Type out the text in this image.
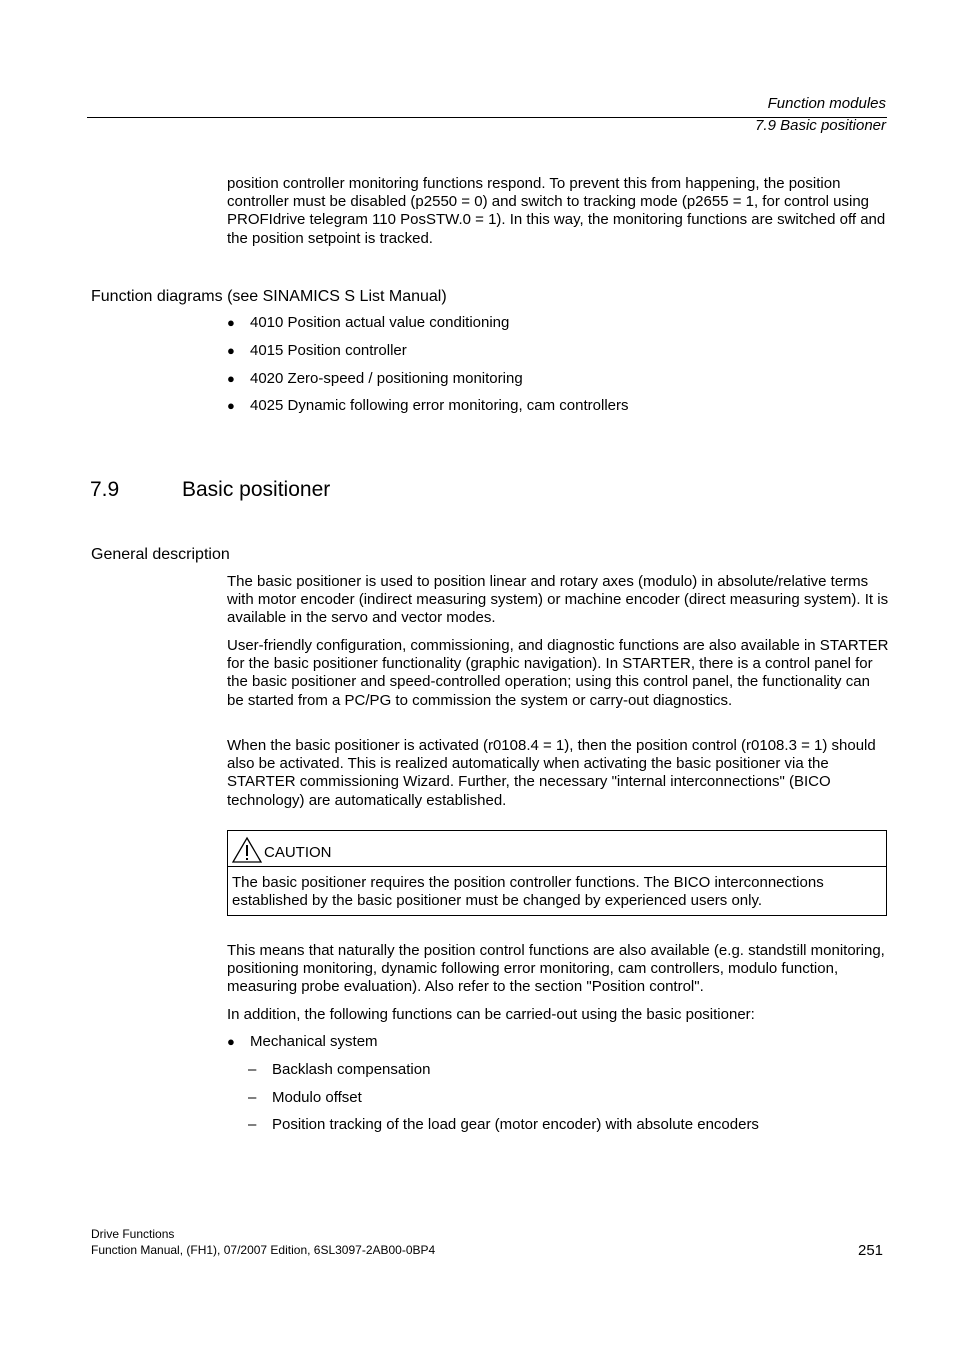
Function modules
7.9 Basic positioner
position controller monitoring functions respond. To prevent this from happening, the position controller must be disabled (p2550 = 0) and switch to tracking mode (p2655 = 1, for control using PROFIdrive telegram 110 PosSTW.0 = 1). In this way, the monitoring functions are switched off and the position setpoint is tracked.
Function diagrams (see SINAMICS S List Manual)
● 4010 Position actual value conditioning
● 4015 Position controller
● 4020 Zero-speed / positioning monitoring
● 4025 Dynamic following error monitoring, cam controllers
7.9	Basic positioner
General description
The basic positioner is used to position linear and rotary axes (modulo) in absolute/relative terms with motor encoder (indirect measuring system) or machine encoder (direct measuring system). It is available in the servo and vector modes.
User-friendly configuration, commissioning, and diagnostic functions are also available in STARTER for the basic positioner functionality (graphic navigation). In STARTER, there is a control panel for the basic positioner and speed-controlled operation; using this control panel, the functionality can be started from a PC/PG to commission the system or carry-out diagnostics.
When the basic positioner is activated (r0108.4 = 1), then the position control (r0108.3 = 1) should also be activated. This is realized automatically when activating the basic positioner via the STARTER commissioning Wizard. Further, the necessary "internal interconnections" (BICO technology) are automatically established.
CAUTION
The basic positioner requires the position controller functions. The BICO interconnections established by the basic positioner must be changed by experienced users only.
This means that naturally the position control functions are also available (e.g. standstill monitoring, positioning monitoring, dynamic following error monitoring, cam controllers, modulo function, measuring probe evaluation). Also refer to the section "Position control".
In addition, the following functions can be carried-out using the basic positioner:
● Mechanical system
– Backlash compensation
– Modulo offset
– Position tracking of the load gear (motor encoder) with absolute encoders
Drive Functions
Function Manual, (FH1), 07/2007 Edition, 6SL3097-2AB00-0BP4	251
